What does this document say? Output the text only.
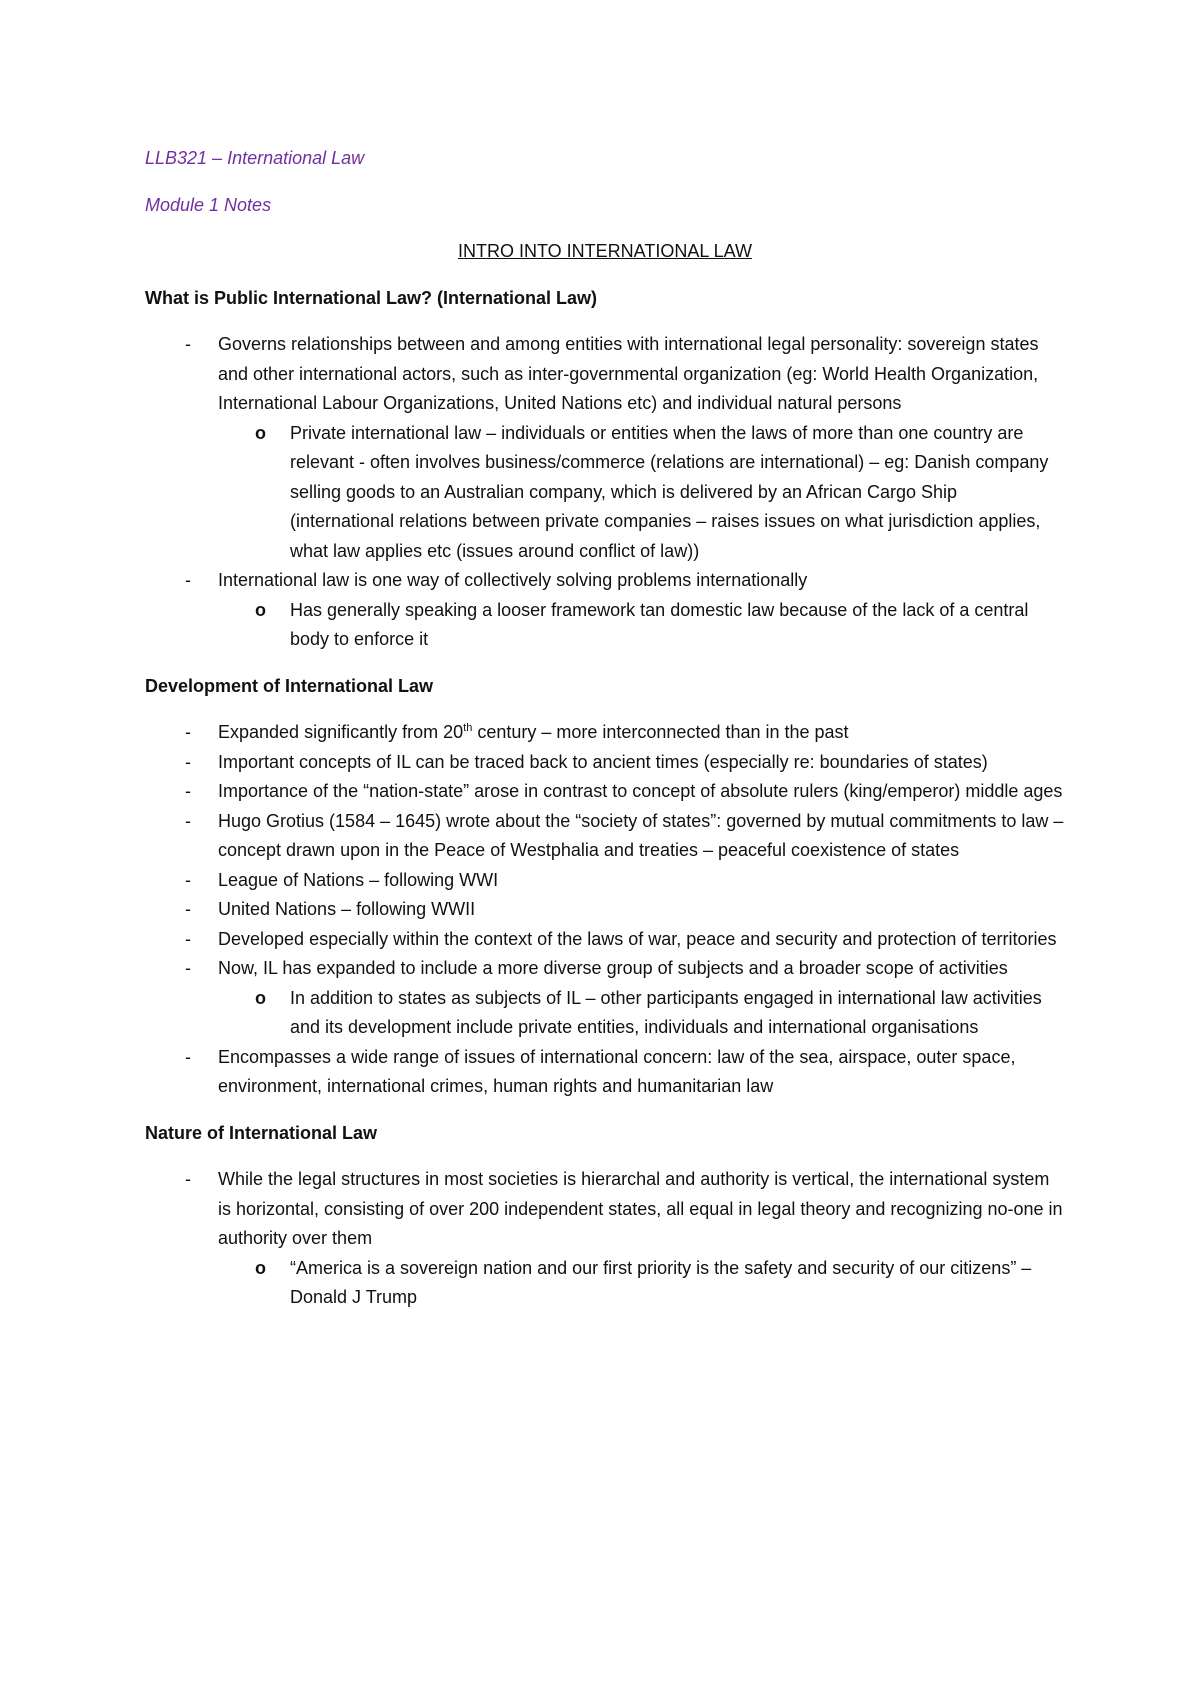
LLB321 – International Law

Module 1 Notes

INTRO INTO INTERNATIONAL LAW

What is Public International Law? (International Law)
- Governs relationships between and among entities with international legal personality: sovereign states and other international actors, such as inter-governmental organization (eg: World Health Organization, International Labour Organizations, United Nations etc) and individual natural persons
o Private international law – individuals or entities when the laws of more than one country are relevant - often involves business/commerce (relations are international) – eg: Danish company selling goods to an Australian company, which is delivered by an African Cargo Ship (international relations between private companies – raises issues on what jurisdiction applies, what law applies etc (issues around conflict of law))
- International law is one way of collectively solving problems internationally
o Has generally speaking a looser framework tan domestic law because of the lack of a central body to enforce it
Development of International Law
- Expanded significantly from 20th century – more interconnected than in the past
- Important concepts of IL can be traced back to ancient times (especially re: boundaries of states)
- Importance of the “nation-state” arose in contrast to concept of absolute rulers (king/emperor) middle ages
- Hugo Grotius (1584 – 1645) wrote about the “society of states”: governed by mutual commitments to law – concept drawn upon in the Peace of Westphalia and treaties – peaceful coexistence of states
- League of Nations – following WWI
- United Nations – following WWII
- Developed especially within the context of the laws of war, peace and security and protection of territories
- Now, IL has expanded to include a more diverse group of subjects and a broader scope of activities
o In addition to states as subjects of IL – other participants engaged in international law activities and its development include private entities, individuals and international organisations
- Encompasses a wide range of issues of international concern: law of the sea, airspace, outer space, environment, international crimes, human rights and humanitarian law
Nature of International Law
- While the legal structures in most societies is hierarchal and authority is vertical, the international system is horizontal, consisting of over 200 independent states, all equal in legal theory and recognizing no-one in authority over them
o “America is a sovereign nation and our first priority is the safety and security of our citizens” – Donald J Trump
